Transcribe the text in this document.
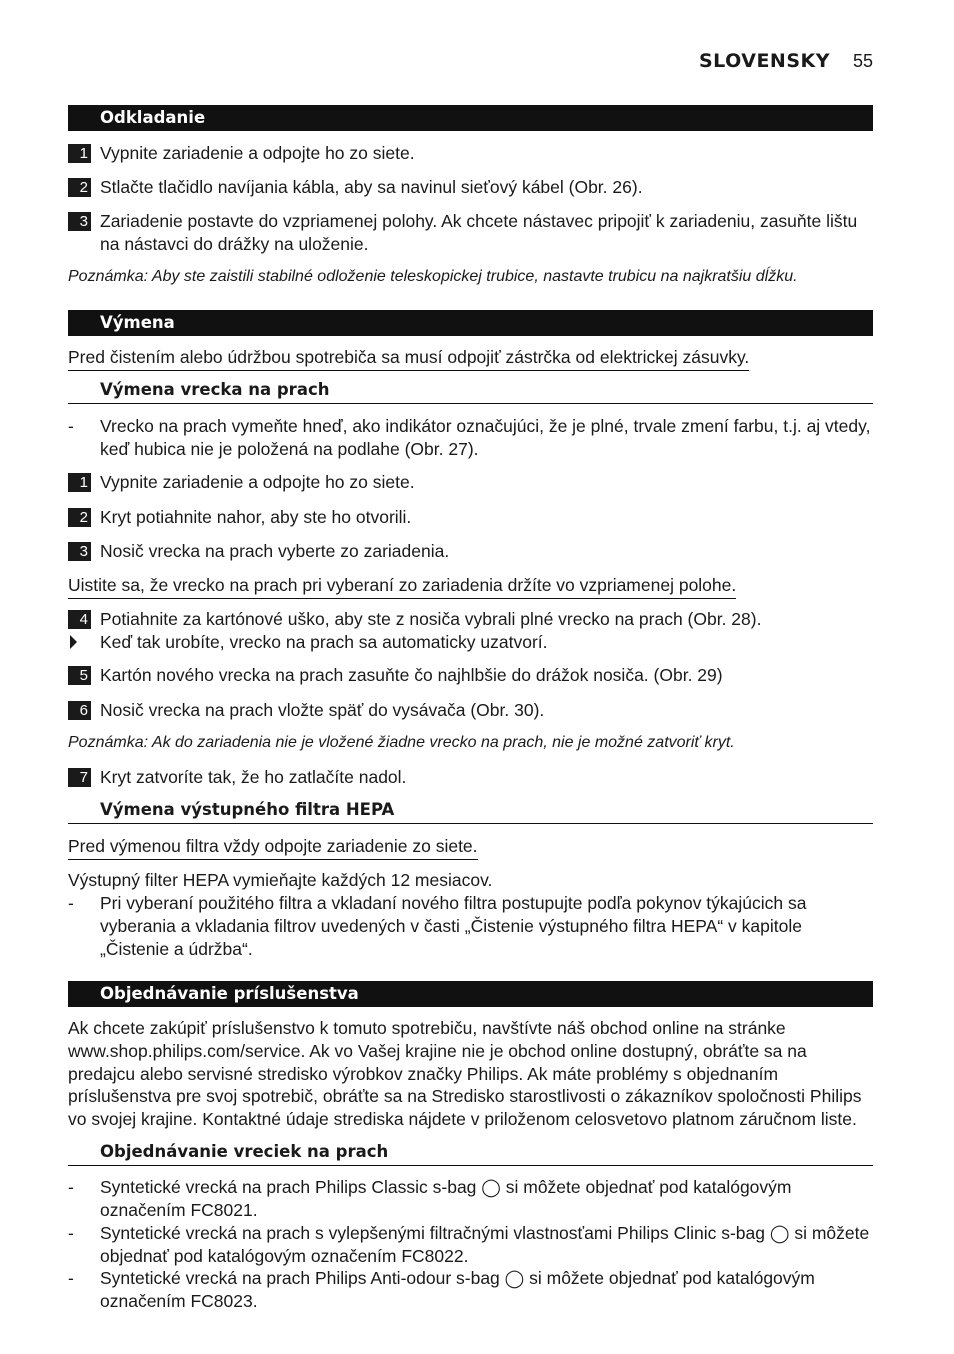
SLOVENSKY 55
Odkladanie
1 Vypnite zariadenie a odpojte ho zo siete.
2 Stlačte tlačidlo navíjania kábla, aby sa navinul sieťový kábel (Obr. 26).
3 Zariadenie postavte do vzpriamenej polohy. Ak chcete nástavec pripojiť k zariadeniu, zasuňte lištu na nástavci do drážky na uloženie.
Poznámka: Aby ste zaistili stabilné odloženie teleskopickej trubice, nastavte trubicu na najkratšiu dĺžku.
Výmena
Pred čistením alebo údržbou spotrebiča sa musí odpojiť zástrčka od elektrickej zásuvky.
Výmena vrecka na prach
- Vrecko na prach vymeňte hneď, ako indikátor označujúci, že je plné, trvale zmení farbu, t.j. aj vtedy, keď hubica nie je položená na podlahe (Obr. 27).
1 Vypnite zariadenie a odpojte ho zo siete.
2 Kryt potiahnite nahor, aby ste ho otvorili.
3 Nosič vrecka na prach vyberte zo zariadenia.
Uistite sa, že vrecko na prach pri vyberaní zo zariadenia držíte vo vzpriamenej polohe.
4 Potiahnite za kartónové uško, aby ste z nosiča vybrali plné vrecko na prach (Obr. 28).
Keď tak urobíte, vrecko na prach sa automaticky uzatvorí.
5 Kartón nového vrecka na prach zasuňte čo najhlbšie do drážok nosiča. (Obr. 29)
6 Nosič vrecka na prach vložte späť do vysávača (Obr. 30).
Poznámka: Ak do zariadenia nie je vložené žiadne vrecko na prach, nie je možné zatvoriť kryt.
7 Kryt zatvoríte tak, že ho zatlačíte nadol.
Výmena výstupného filtra HEPA
Pred výmenou filtra vždy odpojte zariadenie zo siete.
Výstupný filter HEPA vymieňajte každých 12 mesiacov.
- Pri vyberaní použitého filtra a vkladaní nového filtra postupujte podľa pokynov týkajúcich sa vyberania a vkladania filtrov uvedených v časti „Čistenie výstupného filtra HEPA“ v kapitole „Čistenie a údržba“.
Objednávanie príslušenstva
Ak chcete zakúpiť príslušenstvo k tomuto spotrebiču, navštívte náš obchod online na stránke www.shop.philips.com/service. Ak vo Vašej krajine nie je obchod online dostupný, obráťte sa na predajcu alebo servisné stredisko výrobkov značky Philips. Ak máte problémy s objednaním príslušenstva pre svoj spotrebič, obráťte sa na Stredisko starostlivosti o zákazníkov spoločnosti Philips vo svojej krajine. Kontaktné údaje strediska nájdete v priloženom celosvetovo platnom záručnom liste.
Objednávanie vreciek na prach
- Syntetické vrecká na prach Philips Classic s-bag ◯ si môžete objednať pod katalógovým označením FC8021.
- Syntetické vrecká na prach s vylepšenými filtračnými vlastnosťami Philips Clinic s-bag ◯ si môžete objednať pod katalógovým označením FC8022.
- Syntetické vrecká na prach Philips Anti-odour s-bag ◯ si môžete objednať pod katalógovým označením FC8023.
